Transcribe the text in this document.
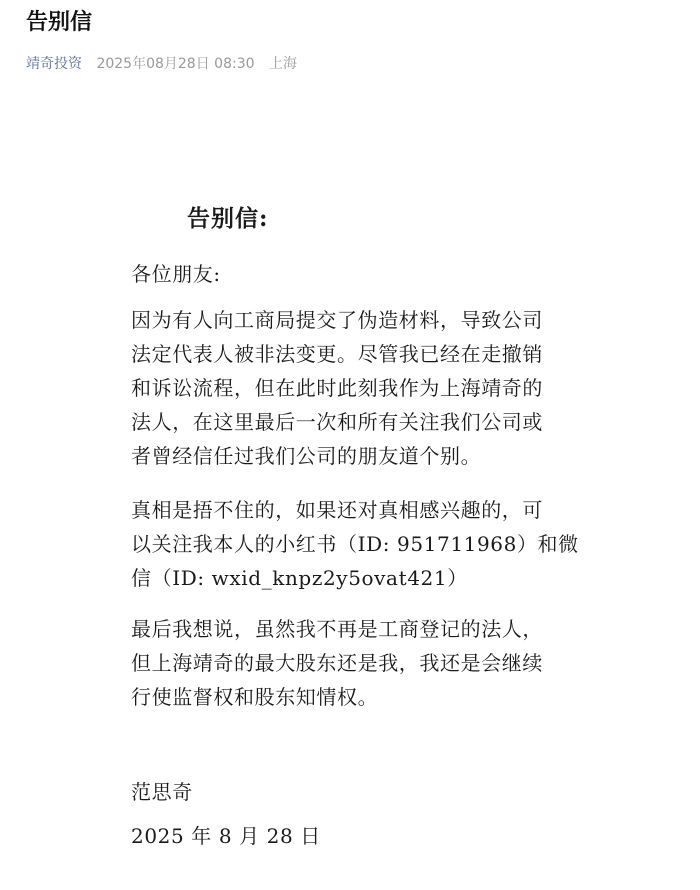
告别信
靖奇投资 2025年08月28日 08:30 上海
告别信:

各位朋友:

因为有人向工商局提交了伪造材料，导致公司
法定代表人被非法变更。尽管我已经在走撤销
和诉讼流程，但在此时此刻我作为上海靖奇的
法人，在这里最后一次和所有关注我们公司或
者曾经信任过我们公司的朋友道个别。

真相是捂不住的，如果还对真相感兴趣的，可
以关注我本人的小红书（ID: 951711968）和微
信（ID: wxid_knpz2y5ovat421）

最后我想说，虽然我不再是工商登记的法人，
但上海靖奇的最大股东还是我，我还是会继续
行使监督权和股东知情权。

范思奇

2025 年 8 月 28 日
